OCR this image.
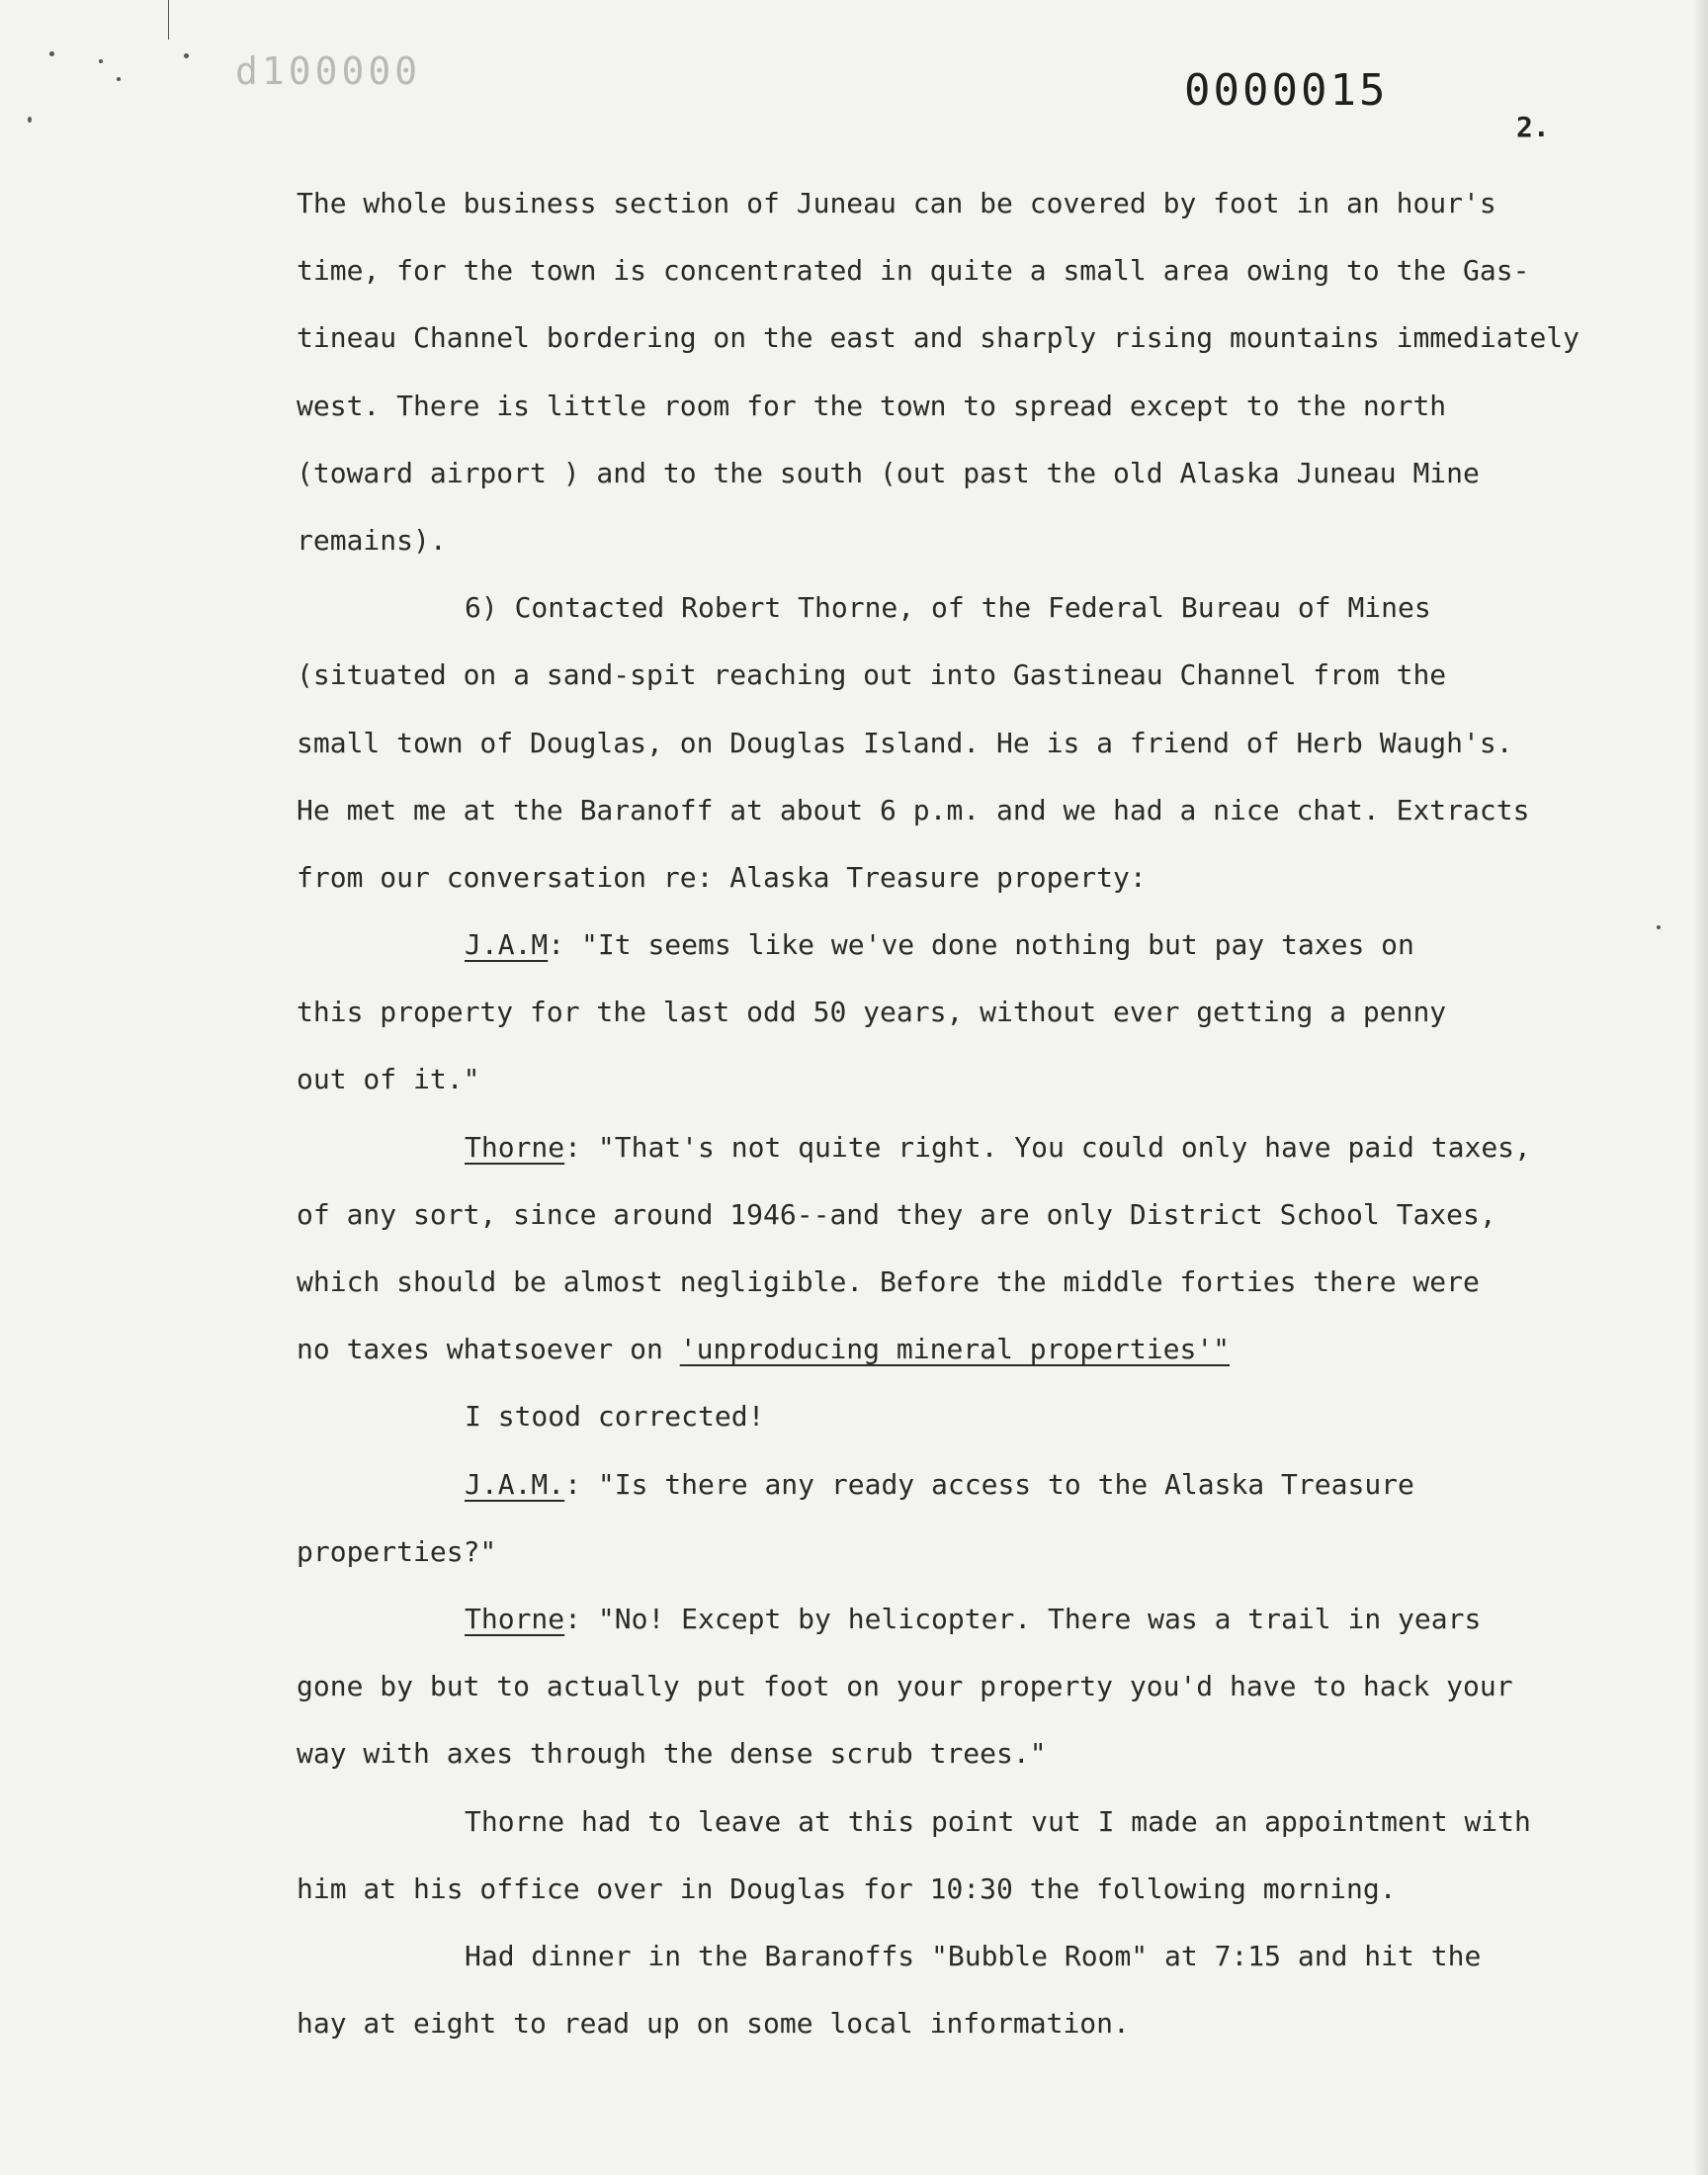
d100000	0000015
2.
The whole business section of Juneau can be covered by foot in an hour's
time, for the town is concentrated in quite a small area owing to the Gas-
tineau Channel bordering on the east and sharply rising mountains immediately
west. There is little room for the town to spread except to the north
(toward airport ) and to the south (out past the old Alaska Juneau Mine
remains).
6) Contacted Robert Thorne, of the Federal Bureau of Mines
(situated on a sand-spit reaching out into Gastineau Channel from the
small town of Douglas, on Douglas Island. He is a friend of Herb Waugh's.
He met me at the Baranoff at about 6 p.m. and we had a nice chat. Extracts
from our conversation re: Alaska Treasure property:
J.A.M: "It seems like we've done nothing but pay taxes on
this property for the last odd 50 years, without ever getting a penny
out of it."
Thorne: "That's not quite right. You could only have paid taxes,
of any sort, since around 1946--and they are only District School Taxes,
which should be almost negligible. Before the middle forties there were
no taxes whatsoever on 'unproducing mineral properties'"
I stood corrected!
J.A.M.: "Is there any ready access to the Alaska Treasure
properties?"
Thorne: "No! Except by helicopter. There was a trail in years
gone by but to actually put foot on your property you'd have to hack your
way with axes through the dense scrub trees."
Thorne had to leave at this point vut I made an appointment with
him at his office over in Douglas for 10:30 the following morning.
Had dinner in the Baranoffs "Bubble Room" at 7:15 and hit the
hay at eight to read up on some local information.
